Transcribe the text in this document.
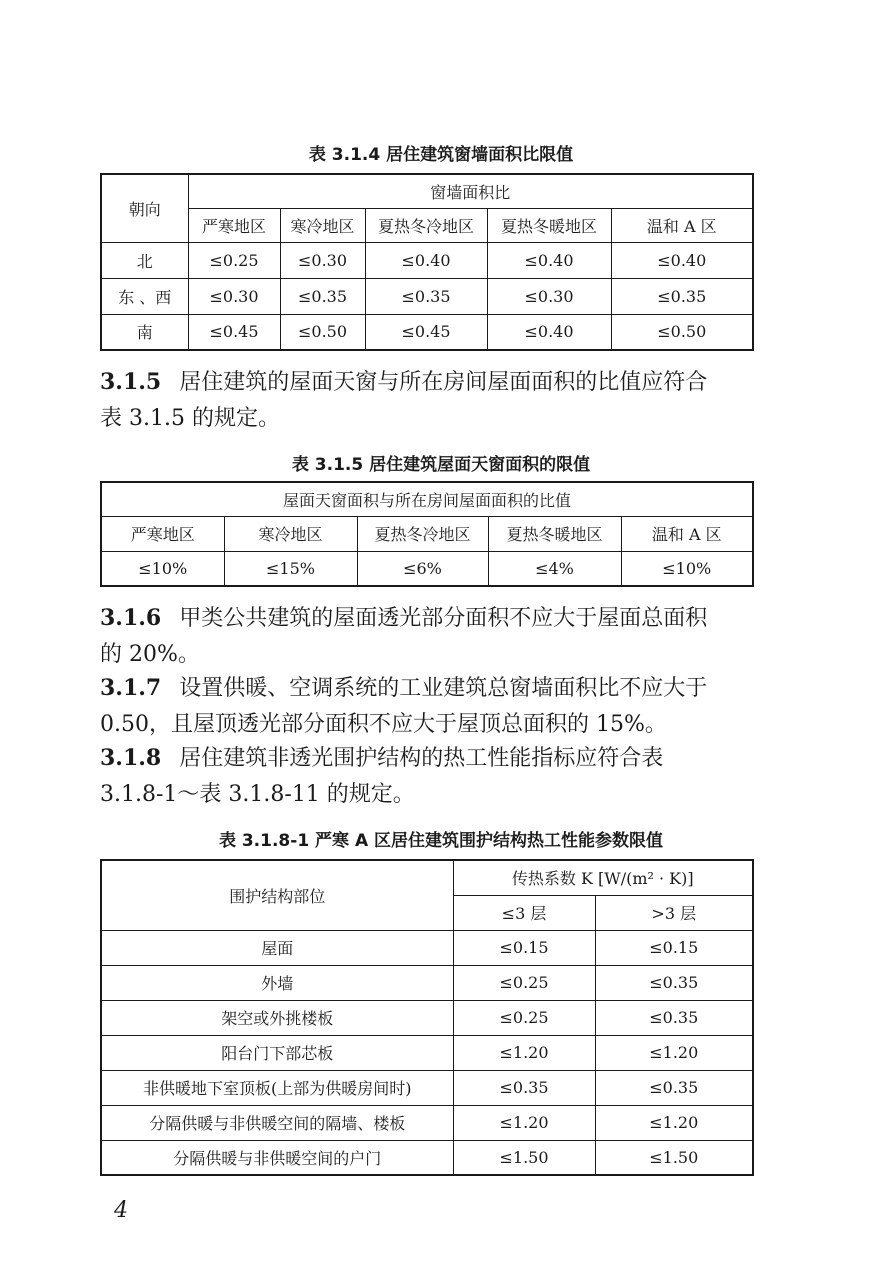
表 3.1.4 居住建筑窗墙面积比限值
朝向	窗墙面积比				
	严寒地区	寒冷地区	夏热冬冷地区	夏热冬暖地区	温和 A 区
北	≤0.25	≤0.30	≤0.40	≤0.40	≤0.40
东 、西	≤0.30	≤0.35	≤0.35	≤0.30	≤0.35
南	≤0.45	≤0.50	≤0.45	≤0.40	≤0.50
3.1.5 居住建筑的屋面天窗与所在房间屋面面积的比值应符合
表 3.1.5 的规定。
表 3.1.5 居住建筑屋面天窗面积的限值
屋面天窗面积与所在房间屋面面积的比值				
严寒地区	寒冷地区	夏热冬冷地区	夏热冬暖地区	温和 A 区
≤10%	≤15%	≤6%	≤4%	≤10%
3.1.6 甲类公共建筑的屋面透光部分面积不应大于屋面总面积
的 20%。
3.1.7 设置供暖、空调系统的工业建筑总窗墙面积比不应大于
0.50，且屋顶透光部分面积不应大于屋顶总面积的 15%。
3.1.8 居住建筑非透光围护结构的热工性能指标应符合表
3.1.8-1～表 3.1.8-11 的规定。
表 3.1.8-1 严寒 A 区居住建筑围护结构热工性能参数限值
围护结构部位	传热系数 K [W/(m² · K)]	
	≤3 层	>3 层
屋面	≤0.15	≤0.15
外墙	≤0.25	≤0.35
架空或外挑楼板	≤0.25	≤0.35
阳台门下部芯板	≤1.20	≤1.20
非供暖地下室顶板(上部为供暖房间时)	≤0.35	≤0.35
分隔供暖与非供暖空间的隔墙、楼板	≤1.20	≤1.20
分隔供暖与非供暖空间的户门	≤1.50	≤1.50
4
